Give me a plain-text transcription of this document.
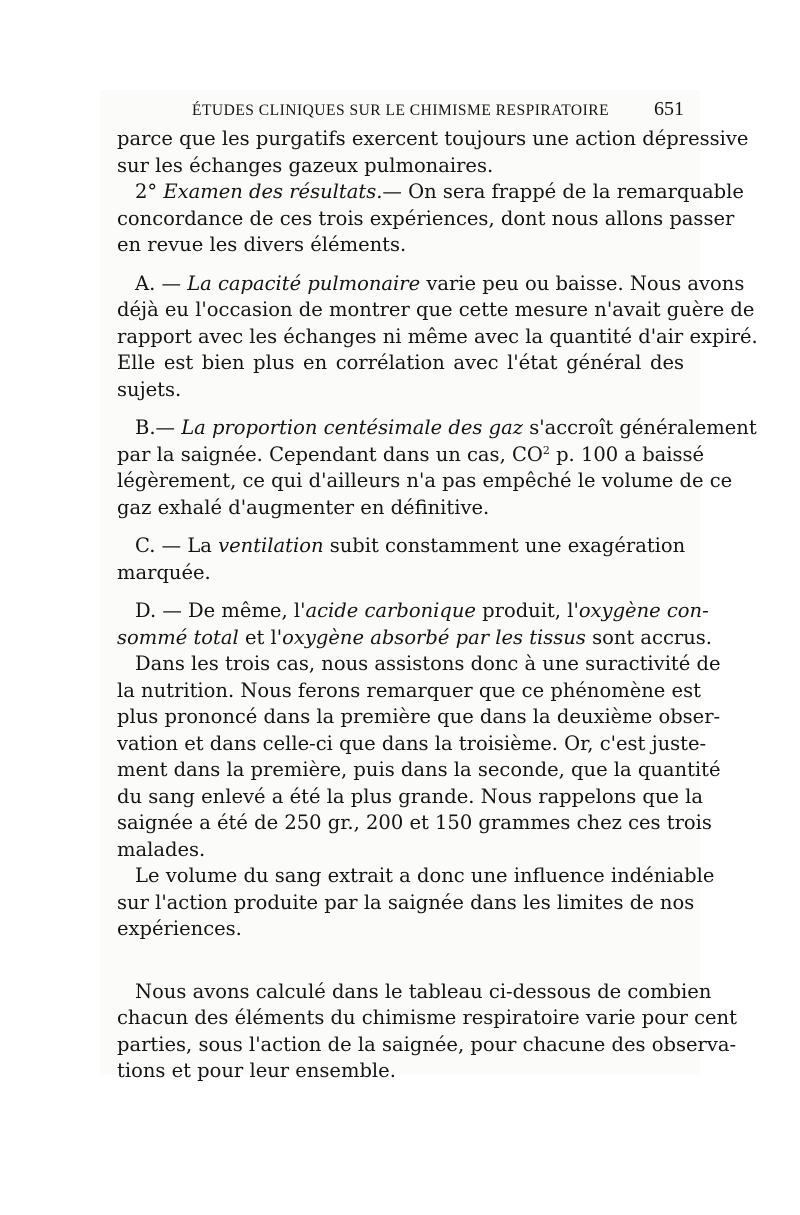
ÉTUDES CLINIQUES SUR LE CHIMISME RESPIRATOIRE 651
parce que les purgatifs exercent toujours une action dépressive
sur les échanges gazeux pulmonaires.
2° Examen des résultats.— On sera frappé de la remarquable
concordance de ces trois expériences, dont nous allons passer
en revue les divers éléments.
A. — La capacité pulmonaire varie peu ou baisse. Nous avons
déjà eu l'occasion de montrer que cette mesure n'avait guère de
rapport avec les échanges ni même avec la quantité d'air expiré.
Elle est bien plus en corrélation avec l'état général des
sujets.
B.— La proportion centésimale des gaz s'accroît généralement
par la saignée. Cependant dans un cas, $CO^2$ p. 100 a baissé
légèrement, ce qui d'ailleurs n'a pas empêché le volume de ce
gaz exhalé d'augmenter en définitive.
C. — La ventilation subit constamment une exagération
marquée.
D. — De même, l'acide carbonique produit, l'oxygène con-
sommé total et l'oxygène absorbé par les tissus sont accrus.
Dans les trois cas, nous assistons donc à une suractivité de
la nutrition. Nous ferons remarquer que ce phénomène est
plus prononcé dans la première que dans la deuxième obser-
vation et dans celle-ci que dans la troisième. Or, c'est juste-
ment dans la première, puis dans la seconde, que la quantité
du sang enlevé a été la plus grande. Nous rappelons que la
saignée a été de 250 gr., 200 et 150 grammes chez ces trois
malades.
Le volume du sang extrait a donc une influence indéniable
sur l'action produite par la saignée dans les limites de nos
expériences.
Nous avons calculé dans le tableau ci-dessous de combien
chacun des éléments du chimisme respiratoire varie pour cent
parties, sous l'action de la saignée, pour chacune des observa-
tions et pour leur ensemble.
